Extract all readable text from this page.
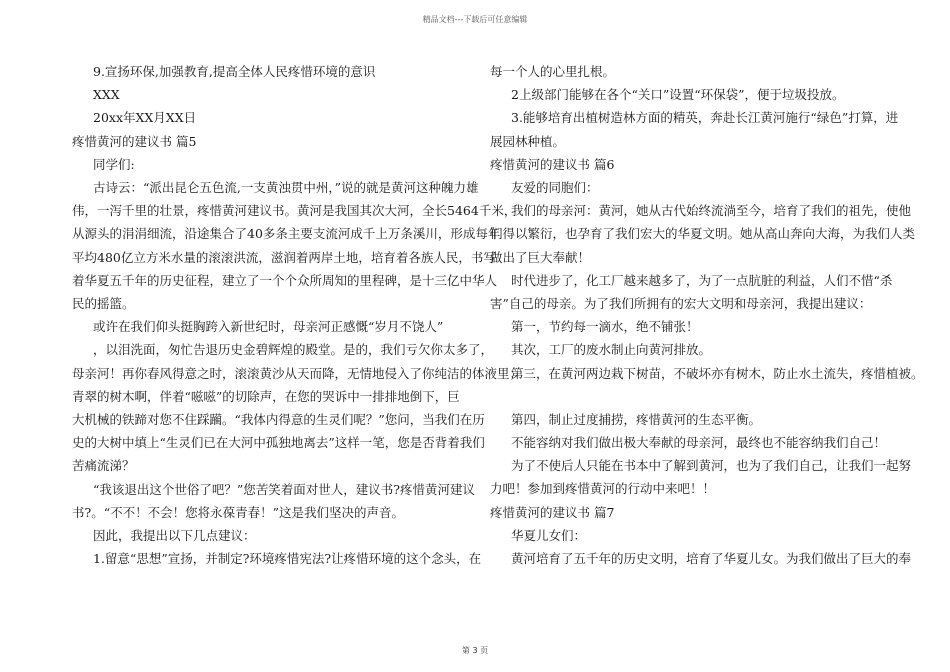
精品文档---下载后可任意编辑

9.宣扬环保,加强教育,提高全体人民疼惜环境的意识

XXX

20xx年XX月XX日

疼惜黄河的建议书 篇5

同学们:

古诗云：“派出昆仑五色流,一支黄浊贯中州，”说的就是黄河这种魄力雄

伟，一泻千里的壮景，疼惜黄河建议书。黄河是我国其次大河，全长5464千米，

从源头的涓涓细流，沿途集合了40多条主要支流河成千上万条溪川，形成每年

平均480亿立方米水量的滚滚洪流，滋润着两岸土地，培育着各族人民，书写

着华夏五千年的历史征程，建立了一个个众所周知的里程碑，是十三亿中华人

民的摇篮。

或许在我们仰头挺胸跨入新世纪时，母亲河正感慨“岁月不饶人”

，以泪洗面，匆忙告退历史金碧辉煌的殿堂。是的，我们亏欠你太多了，

母亲河！再你春风得意之时，滚滚黄沙从天而降，无情地侵入了你纯洁的体液里；

青翠的树木啊，伴着“嗞嗞”的切除声，在您的哭诉中一排排地倒下，巨

大机械的铁蹄对您不住踩躏。“我体内得意的生灵们呢？”您问，当我们在历

史的大树中填上“生灵们已在大河中孤独地离去”这样一笔，您是否背着我们

苦痛流涕？

“我该退出这个世俗了吧？”您苦笑着面对世人，建议书?疼惜黄河建议

书?。“不不！不会！您将永葆青春！”这是我们坚决的声音。

因此，我提出以下几点建议：

1.留意“思想”宣扬，并制定?环境疼惜宪法?让疼惜环境的这个念头，在

每一个人的心里扎根。

2上级部门能够在各个“关口”设置“环保袋”，便于垃圾投放。

3.能够培育出植树造林方面的精英，奔赴长江黄河施行“绿色”打算，进

展园林种植。

疼惜黄河的建议书 篇6

友爱的同胞们：

我们的母亲河：黄河，她从古代始终流淌至今，培育了我们的祖先，使他

们得以繁衍，也孕育了我们宏大的华夏文明。她从高山奔向大海，为我们人类

做出了巨大奉献！

时代进步了，化工厂越来越多了，为了一点肮脏的利益，人们不惜“杀

害”自己的母亲。为了我们所拥有的宏大文明和母亲河，我提出建议：

第一，节约每一滴水，绝不铺张！

其次，工厂的废水制止向黄河排放。

第三，在黄河两边栽下树苗，不破坏亦有树木，防止水土流失，疼惜植被。

第四，制止过度捕捞，疼惜黄河的生态平衡。

不能容纳对我们做出极大奉献的母亲河，最终也不能容纳我们自己！

为了不使后人只能在书本中了解到黄河，也为了我们自己，让我们一起努

力吧！参加到疼惜黄河的行动中来吧！！

疼惜黄河的建议书 篇7

华夏儿女们：

黄河培育了五千年的历史文明，培育了华夏儿女。为我们做出了巨大的奉

第 3 页
